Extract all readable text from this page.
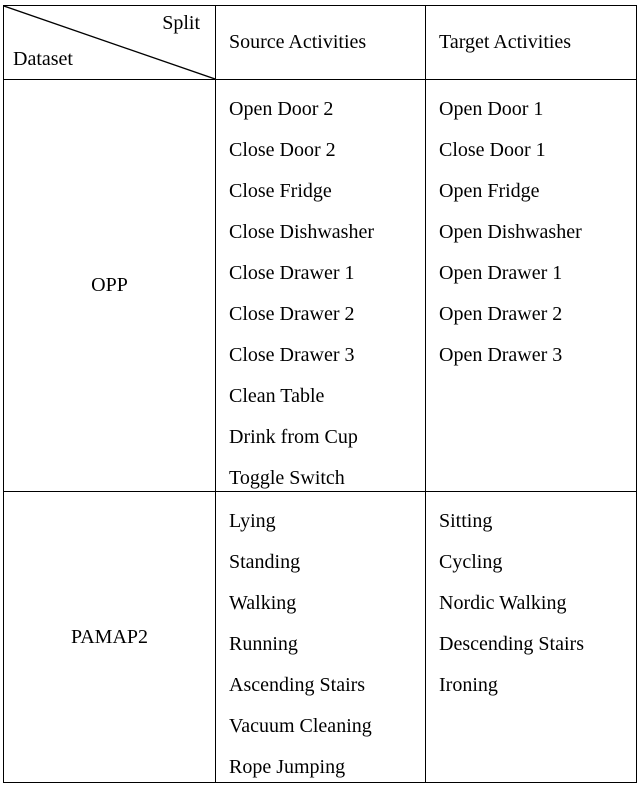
Split
Dataset
Source Activities	Target Activities
OPP
Open Door 2
Close Door 2
Close Fridge
Close Dishwasher
Close Drawer 1
Close Drawer 2
Close Drawer 3
Clean Table
Drink from Cup
Toggle Switch
Open Door 1
Close Door 1
Open Fridge
Open Dishwasher
Open Drawer 1
Open Drawer 2
Open Drawer 3
PAMAP2
Lying
Standing
Walking
Running
Ascending Stairs
Vacuum Cleaning
Rope Jumping
Sitting
Cycling
Nordic Walking
Descending Stairs
Ironing
